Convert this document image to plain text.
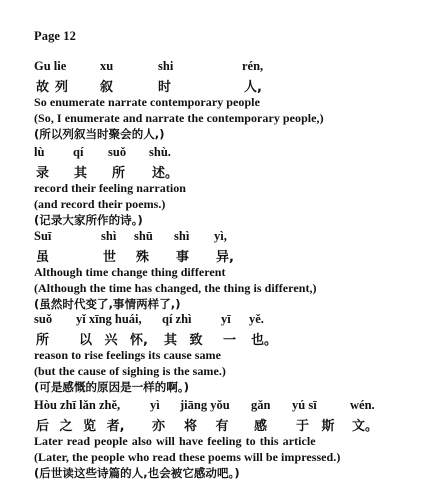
Page 12
Gu lie	xu	shi	rén,
故列 叙	时	人,
So enumerate narrate contemporary people
(So, I enumerate and narrate the contemporary people,)
(所以列叙当时聚会的人,)
lù qí suǒ shù.
录 其 所 述。
record their feeling narration
(and record their poems.)
(记录大家所作的诗。)
Suī	shì shū shì yì,
虽	世 殊 事 异,
Although time change thing different
(Although the time has changed, the thing is different,)
(虽然时代变了,事情两样了,)
suǒ yǐ xīng huái, qí zhì yī yě.
所 以 兴 怀, 其 致 一 也。
reason to rise feelings its cause same
(but the cause of sighing is the same.)
(可是感慨的原因是一样的啊。)
Hòu zhī lǎn zhě, yì jiāng yǒu gǎn yú sī	wén.
后 之 览 者, 亦 将 有 感 于 斯 文。
Later read people also will have feeling to this article
(Later, the people who read these poems will be impressed.)
(后世读这些诗篇的人,也会被它感动吧。)
